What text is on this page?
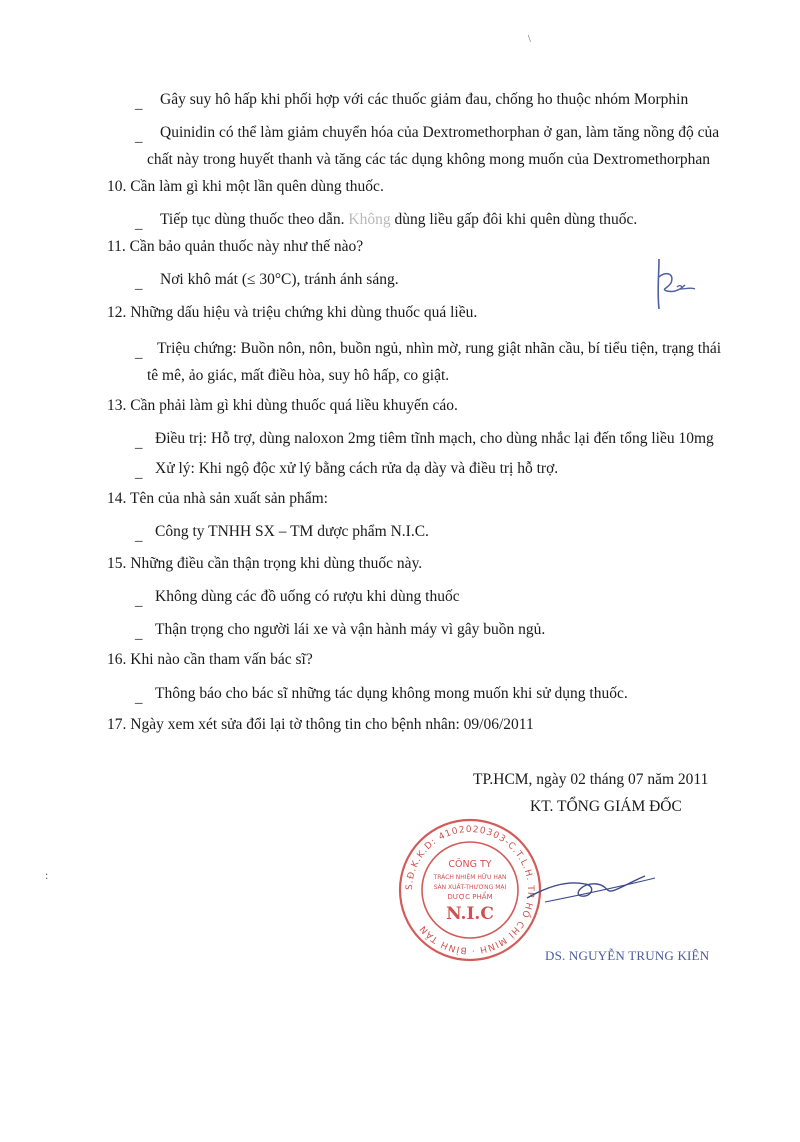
\
:
_ Gây suy hô hấp khi phối hợp với các thuốc giảm đau, chống ho thuộc nhóm Morphin
_ Quinidin có thể làm giảm chuyển hóa của Dextromethorphan ở gan, làm tăng nồng độ của
chất này trong huyết thanh và tăng các tác dụng không mong muốn của Dextromethorphan
10. Cần làm gì khi một lần quên dùng thuốc.
_ Tiếp tục dùng thuốc theo dẫn. Không dùng liều gấp đôi khi quên dùng thuốc.
11. Cần bảo quản thuốc này như thế nào?
_ Nơi khô mát (≤ 30°C), tránh ánh sáng.
12. Những dấu hiệu và triệu chứng khi dùng thuốc quá liều.
_ Triệu chứng: Buồn nôn, nôn, buồn ngủ, nhìn mờ, rung giật nhãn cầu, bí tiểu tiện, trạng thái
tê mê, ảo giác, mất điều hòa, suy hô hấp, co giật.
13. Cần phải làm gì khi dùng thuốc quá liều khuyến cáo.
_ Điều trị: Hỗ trợ, dùng naloxon 2mg tiêm tĩnh mạch, cho dùng nhắc lại đến tổng liều 10mg
_ Xử lý: Khi ngộ độc xử lý bằng cách rửa dạ dày và điều trị hỗ trợ.
14. Tên của nhà sản xuất sản phẩm:
_ Công ty TNHH SX – TM dược phẩm N.I.C.
15. Những điều cần thận trọng khi dùng thuốc này.
_ Không dùng các đồ uống có rượu khi dùng thuốc
_ Thận trọng cho người lái xe và vận hành máy vì gây buồn ngủ.
16. Khi nào cần tham vấn bác sĩ?
_ Thông báo cho bác sĩ những tác dụng không mong muốn khi sử dụng thuốc.
17. Ngày xem xét sửa đổi lại tờ thông tin cho bệnh nhân: 09/06/2011
TP.HCM, ngày 02 tháng 07 năm 2011
KT. TỔNG GIÁM ĐỐC
S.Đ.K.K.D: 4102020303-C.T.L.H. TP HỒ CHÍ MINH · BÌNH TÂN
CÔNG TY
TRÁCH NHIỆM HỮU HẠN
SẢN XUẤT-THƯƠNG MẠI
DƯỢC PHẨM
N.I.C
DS. NGUYỄN TRUNG KIÊN
